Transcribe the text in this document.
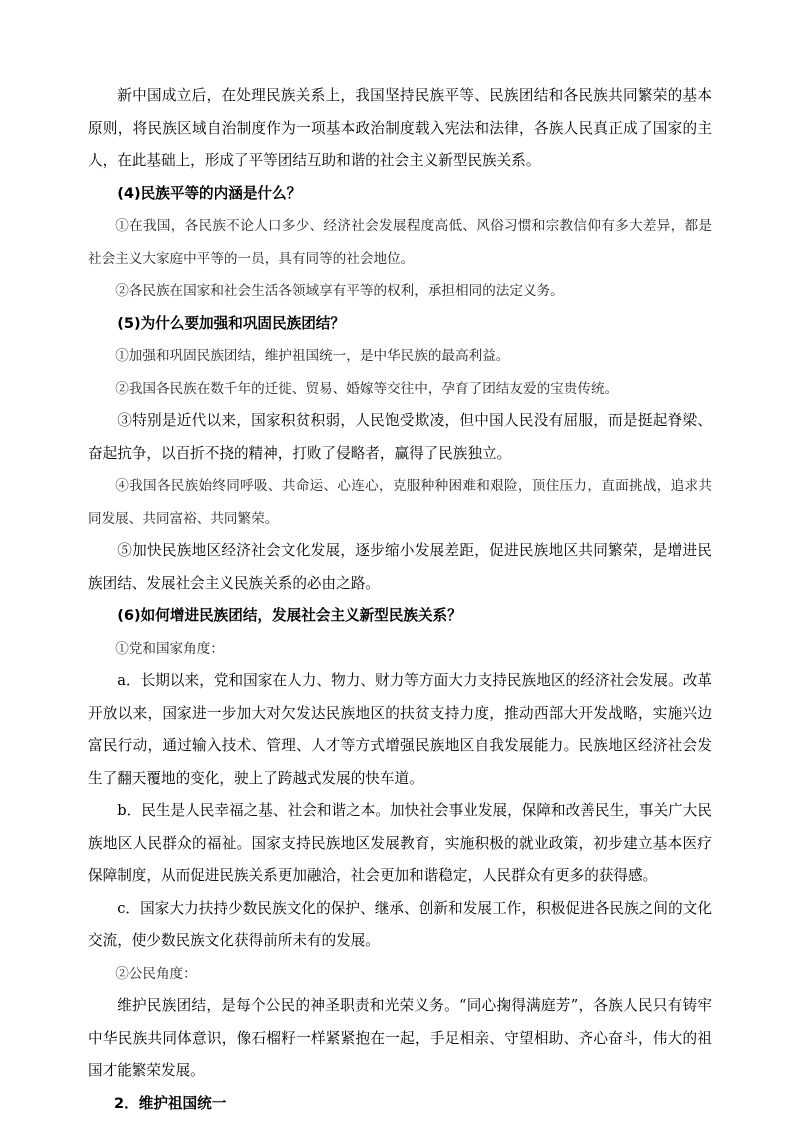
新中国成立后，在处理民族关系上，我国坚持民族平等、民族团结和各民族共同繁荣的基本原则，将民族区域自治制度作为一项基本政治制度载入宪法和法律，各族人民真正成了国家的主人，在此基础上，形成了平等团结互助和谐的社会主义新型民族关系。

(4)民族平等的内涵是什么？

①在我国，各民族不论人口多少、经济社会发展程度高低、风俗习惯和宗教信仰有多大差异，都是社会主义大家庭中平等的一员，具有同等的社会地位。

②各民族在国家和社会生活各领域享有平等的权利，承担相同的法定义务。

(5)为什么要加强和巩固民族团结？

①加强和巩固民族团结，维护祖国统一，是中华民族的最高利益。

②我国各民族在数千年的迁徙、贸易、婚嫁等交往中，孕育了团结友爱的宝贵传统。

③特别是近代以来，国家积贫积弱，人民饱受欺凌，但中国人民没有屈服，而是挺起脊梁、奋起抗争，以百折不挠的精神，打败了侵略者，赢得了民族独立。

④我国各民族始终同呼吸、共命运、心连心，克服种种困难和艰险，顶住压力，直面挑战，追求共同发展、共同富裕、共同繁荣。

⑤加快民族地区经济社会文化发展，逐步缩小发展差距，促进民族地区共同繁荣，是增进民族团结、发展社会主义民族关系的必由之路。

(6)如何增进民族团结，发展社会主义新型民族关系？

①党和国家角度：

a．长期以来，党和国家在人力、物力、财力等方面大力支持民族地区的经济社会发展。改革开放以来，国家进一步加大对欠发达民族地区的扶贫支持力度，推动西部大开发战略，实施兴边富民行动，通过输入技术、管理、人才等方式增强民族地区自我发展能力。民族地区经济社会发生了翻天覆地的变化，驶上了跨越式发展的快车道。

b．民生是人民幸福之基、社会和谐之本。加快社会事业发展，保障和改善民生，事关广大民族地区人民群众的福祉。国家支持民族地区发展教育，实施积极的就业政策，初步建立基本医疗保障制度，从而促进民族关系更加融洽，社会更加和谐稳定，人民群众有更多的获得感。

c．国家大力扶持少数民族文化的保护、继承、创新和发展工作，积极促进各民族之间的文化交流，使少数民族文化获得前所未有的发展。

②公民角度：

维护民族团结，是每个公民的神圣职责和光荣义务。“同心掬得满庭芳”，各族人民只有铸牢中华民族共同体意识，像石榴籽一样紧紧抱在一起，手足相亲、守望相助、齐心奋斗，伟大的祖国才能繁荣发展。

2．维护祖国统一
